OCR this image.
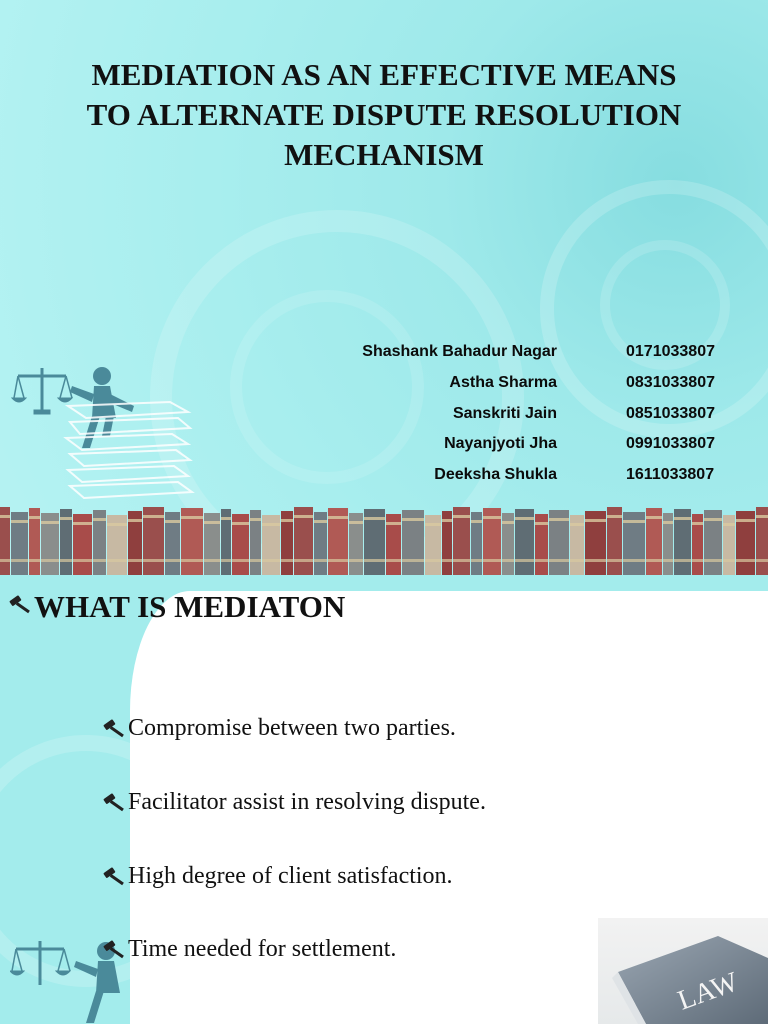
MEDIATION AS AN EFFECTIVE MEANS
TO ALTERNATE DISPUTE RESOLUTION
MECHANISM
Shashank Bahadur Nagar	0171033807
Astha Sharma	0831033807
Sanskriti Jain	0851033807
Nayanjyoti Jha	0991033807
Deeksha Shukla	1611033807
WHAT IS MEDIATON
Compromise between two parties.
Facilitator assist in resolving dispute.
High degree of client satisfaction.
Time needed for settlement.
LAW
